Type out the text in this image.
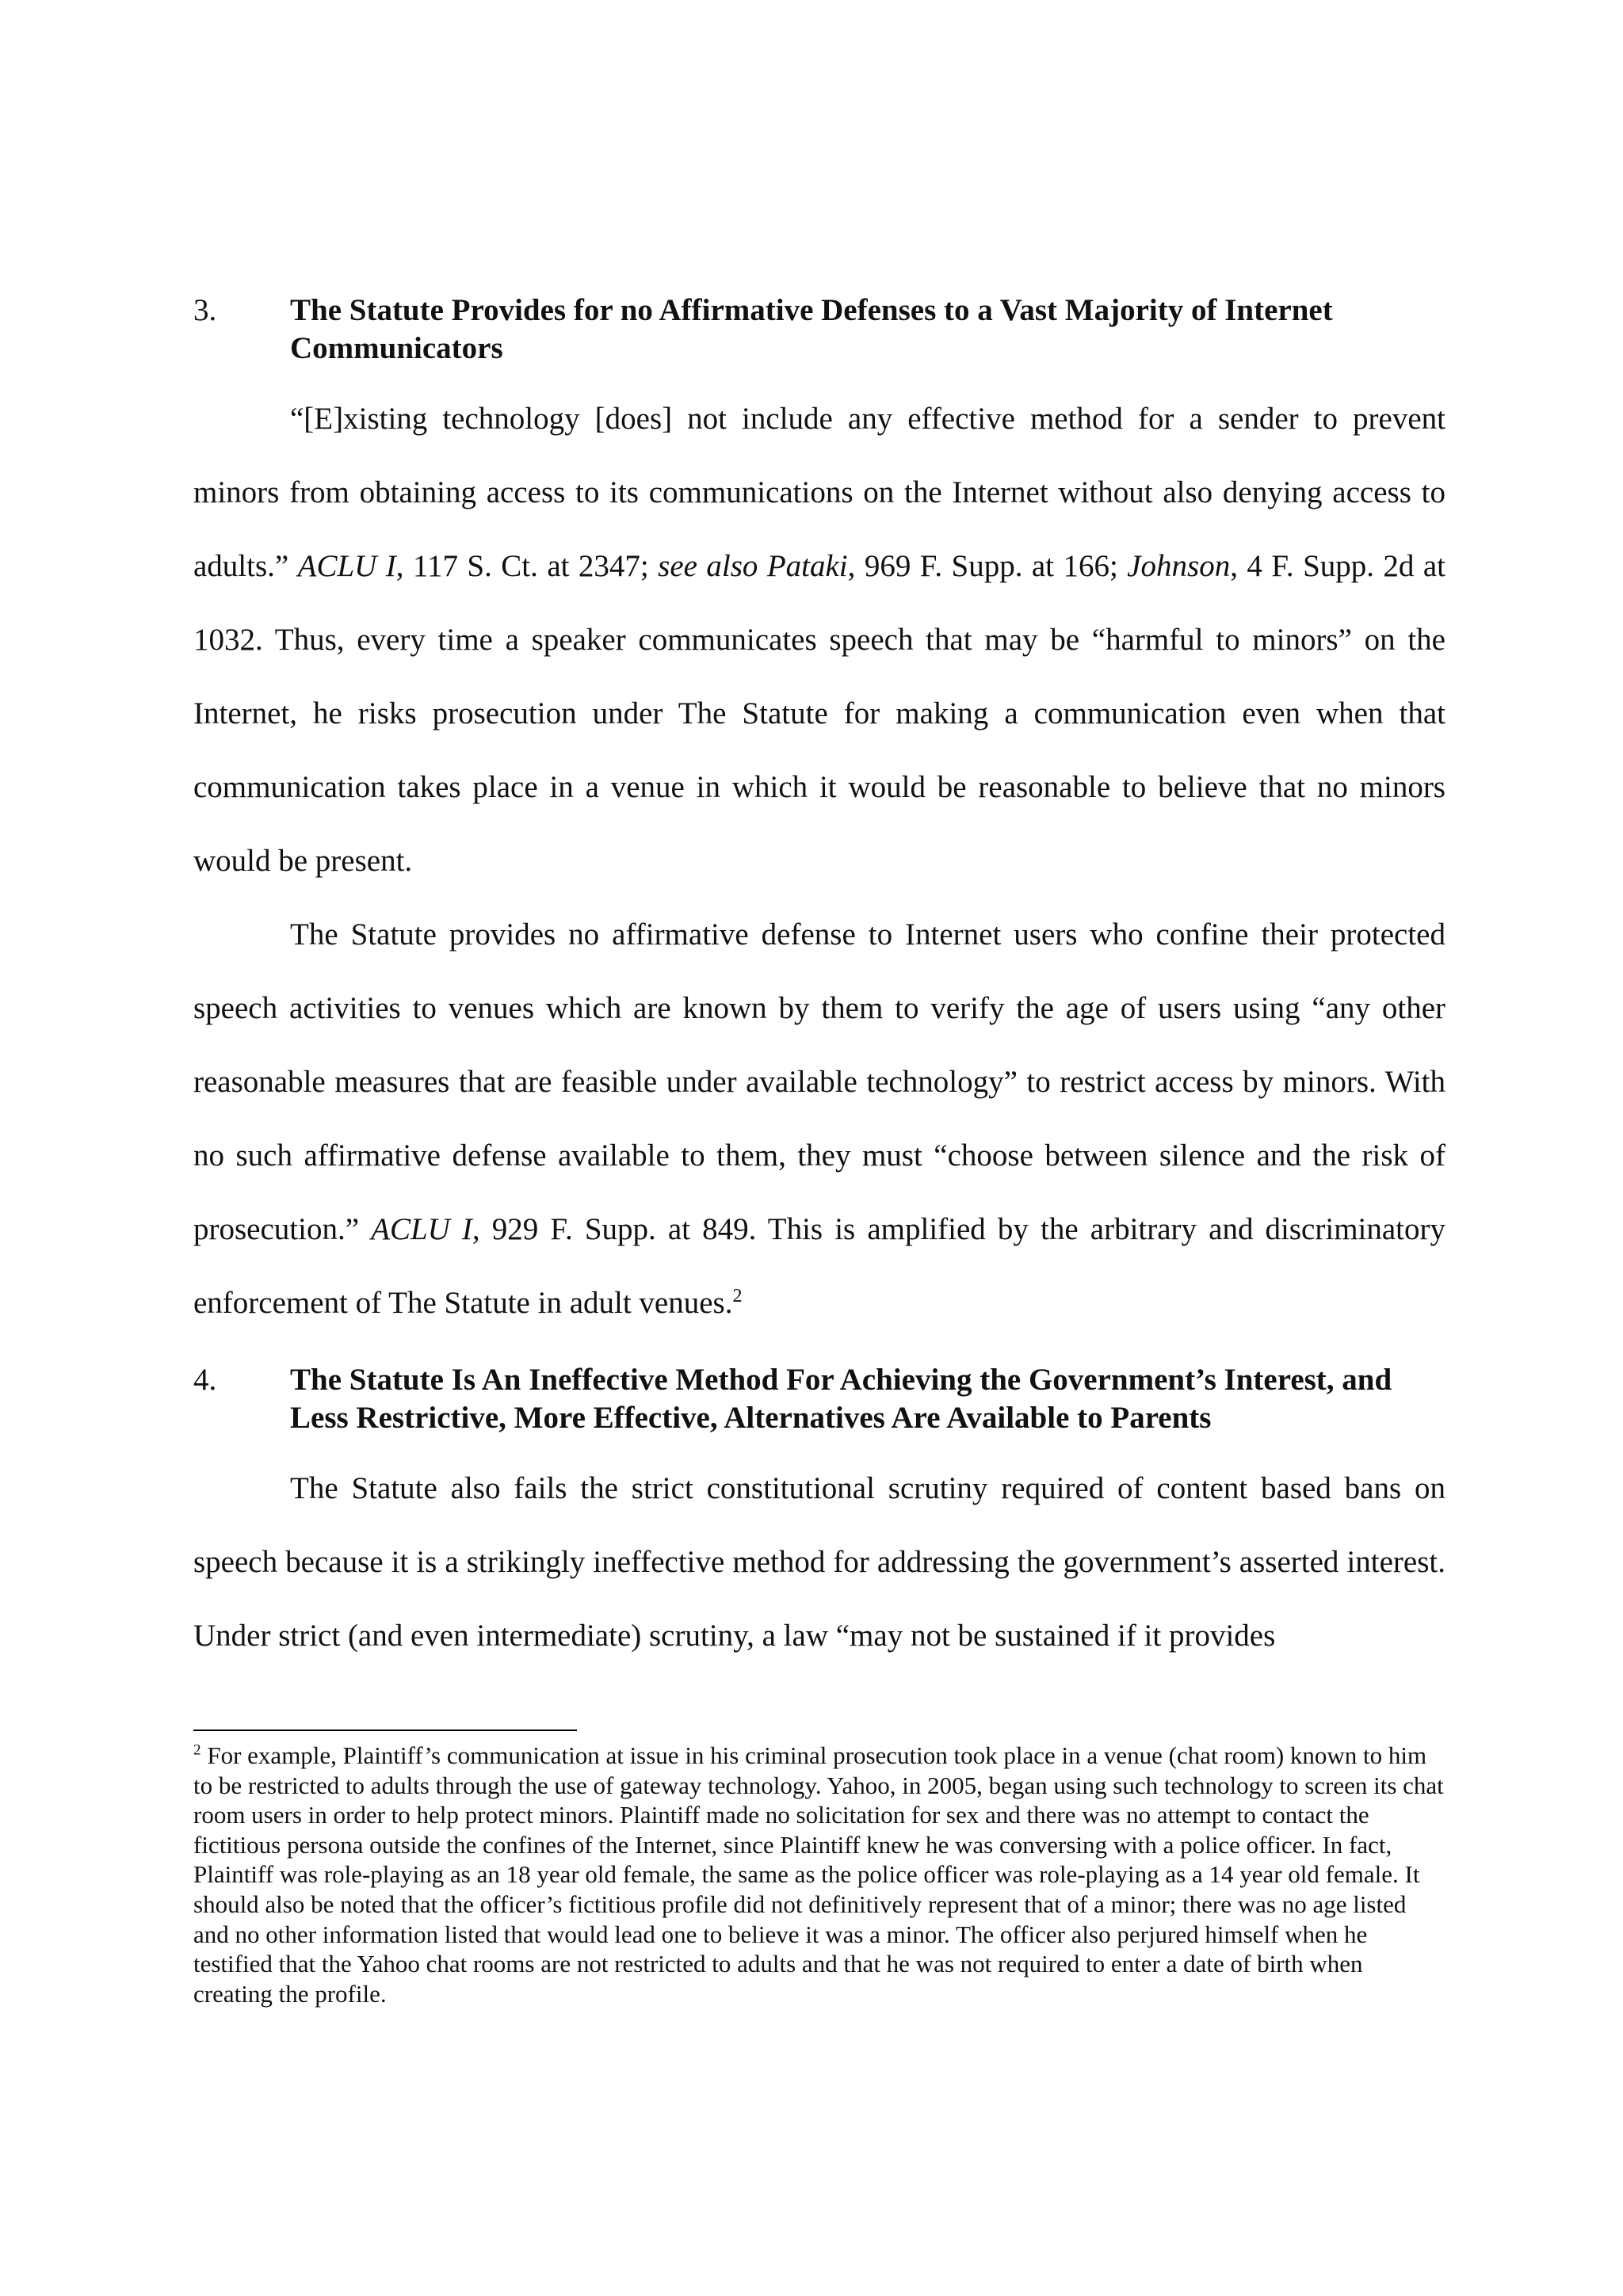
3. The Statute Provides for no Affirmative Defenses to a Vast Majority of Internet Communicators

“[E]xisting technology [does] not include any effective method for a sender to prevent minors from obtaining access to its communications on the Internet without also denying access to adults.” ACLU I, 117 S. Ct. at 2347; see also Pataki, 969 F. Supp. at 166; Johnson, 4 F. Supp. 2d at 1032. Thus, every time a speaker communicates speech that may be “harmful to minors” on the Internet, he risks prosecution under The Statute for making a communication even when that communication takes place in a venue in which it would be reasonable to believe that no minors would be present.

The Statute provides no affirmative defense to Internet users who confine their protected speech activities to venues which are known by them to verify the age of users using “any other reasonable measures that are feasible under available technology” to restrict access by minors. With no such affirmative defense available to them, they must “choose between silence and the risk of prosecution.” ACLU I, 929 F. Supp. at 849. This is amplified by the arbitrary and discriminatory enforcement of The Statute in adult venues.$^2$

4. The Statute Is An Ineffective Method For Achieving the Government’s Interest, and Less Restrictive, More Effective, Alternatives Are Available to Parents

The Statute also fails the strict constitutional scrutiny required of content based bans on speech because it is a strikingly ineffective method for addressing the government’s asserted interest. Under strict (and even intermediate) scrutiny, a law “may not be sustained if it provides

$^2$ For example, Plaintiff’s communication at issue in his criminal prosecution took place in a venue (chat room) known to him to be restricted to adults through the use of gateway technology. Yahoo, in 2005, began using such technology to screen its chat room users in order to help protect minors. Plaintiff made no solicitation for sex and there was no attempt to contact the fictitious persona outside the confines of the Internet, since Plaintiff knew he was conversing with a police officer. In fact, Plaintiff was role-playing as an 18 year old female, the same as the police officer was role-playing as a 14 year old female. It should also be noted that the officer’s fictitious profile did not definitively represent that of a minor; there was no age listed and no other information listed that would lead one to believe it was a minor. The officer also perjured himself when he testified that the Yahoo chat rooms are not restricted to adults and that he was not required to enter a date of birth when creating the profile.
